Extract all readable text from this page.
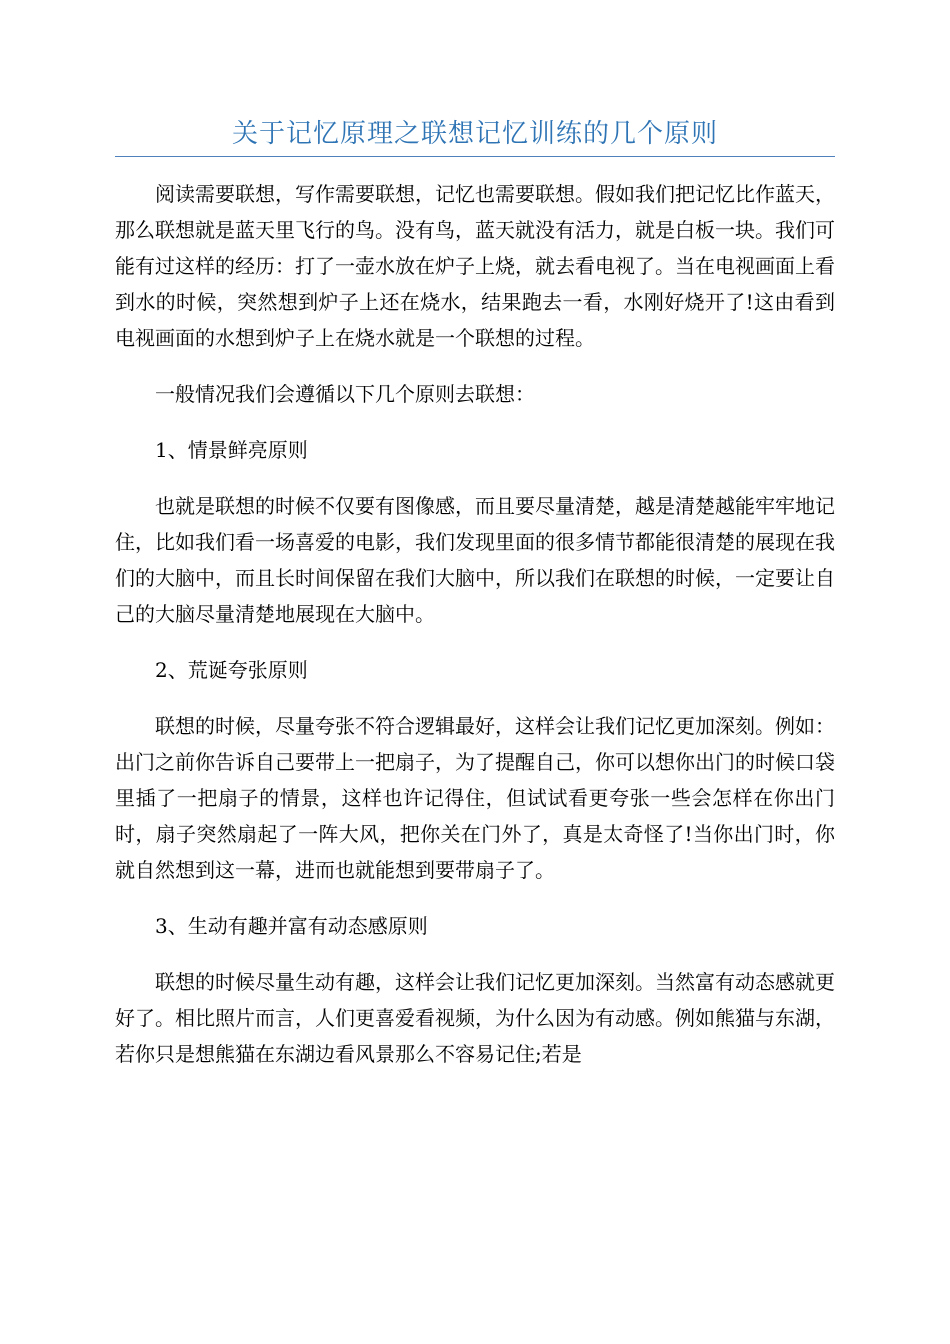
关于记忆原理之联想记忆训练的几个原则

阅读需要联想，写作需要联想，记忆也需要联想。假如我们把记忆比作蓝天，那么联想就是蓝天里飞行的鸟。没有鸟，蓝天就没有活力，就是白板一块。我们可能有过这样的经历：打了一壶水放在炉子上烧，就去看电视了。当在电视画面上看到水的时候，突然想到炉子上还在烧水，结果跑去一看，水刚好烧开了!这由看到电视画面的水想到炉子上在烧水就是一个联想的过程。

一般情况我们会遵循以下几个原则去联想：

1、情景鲜亮原则

也就是联想的时候不仅要有图像感，而且要尽量清楚，越是清楚越能牢牢地记住，比如我们看一场喜爱的电影，我们发现里面的很多情节都能很清楚的展现在我们的大脑中，而且长时间保留在我们大脑中，所以我们在联想的时候，一定要让自己的大脑尽量清楚地展现在大脑中。

2、荒诞夸张原则

联想的时候，尽量夸张不符合逻辑最好，这样会让我们记忆更加深刻。例如：出门之前你告诉自己要带上一把扇子，为了提醒自己，你可以想你出门的时候口袋里插了一把扇子的情景，这样也许记得住，但试试看更夸张一些会怎样在你出门时，扇子突然扇起了一阵大风，把你关在门外了，真是太奇怪了!当你出门时，你就自然想到这一幕，进而也就能想到要带扇子了。

3、生动有趣并富有动态感原则

联想的时候尽量生动有趣，这样会让我们记忆更加深刻。当然富有动态感就更好了。相比照片而言，人们更喜爱看视频，为什么因为有动感。例如熊猫与东湖，若你只是想熊猫在东湖边看风景那么不容易记住;若是
